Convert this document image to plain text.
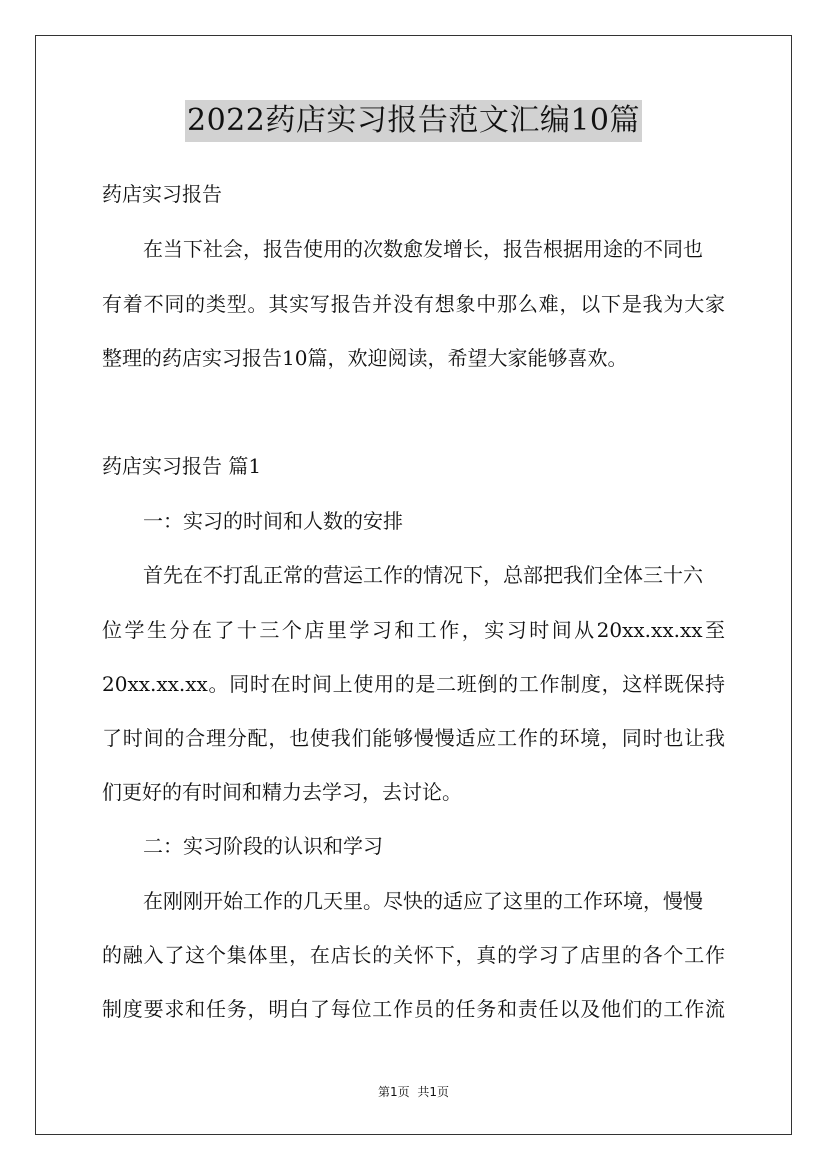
2022药店实习报告范文汇编10篇
药店实习报告
在当下社会，报告使用的次数愈发增长，报告根据用途的不同也
有着不同的类型。其实写报告并没有想象中那么难，以下是我为大家
整理的药店实习报告10篇，欢迎阅读，希望大家能够喜欢。
药店实习报告 篇1
一：实习的时间和人数的安排
首先在不打乱正常的营运工作的情况下，总部把我们全体三十六
位学生分在了十三个店里学习和工作，实习时间从20xx.xx.xx至
20xx.xx.xx。同时在时间上使用的是二班倒的工作制度，这样既保持
了时间的合理分配，也使我们能够慢慢适应工作的环境，同时也让我
们更好的有时间和精力去学习，去讨论。
二：实习阶段的认识和学习
在刚刚开始工作的几天里。尽快的适应了这里的工作环境，慢慢
的融入了这个集体里，在店长的关怀下，真的学习了店里的各个工作
制度要求和任务，明白了每位工作员的任务和责任以及他们的工作流
第1页 共1页
